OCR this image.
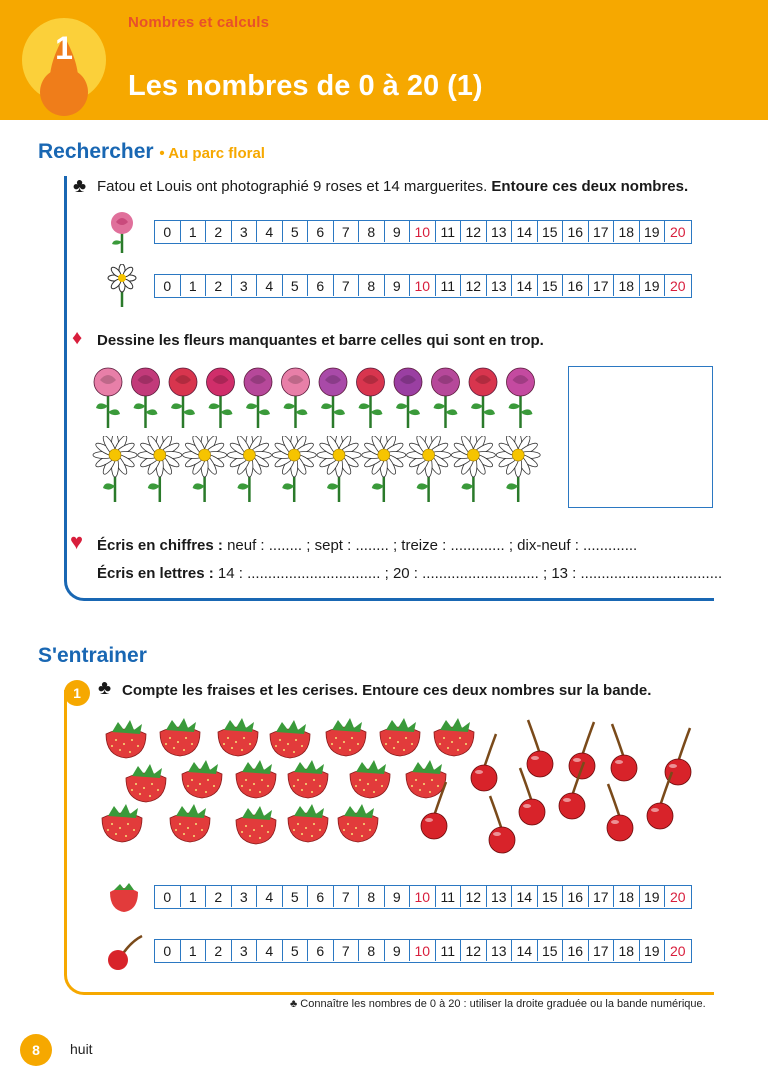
Nombres et calculs
Les nombres de 0 à 20 (1)
1
Rechercher • Au parc floral
♣ Fatou et Louis ont photographié 9 roses et 14 marguerites. Entoure ces deux nombres.
0	1	2	3	4	5	6	7	8	9 10 11 12 13 14 15 16 17 18 19 20
0	1	2	3	4	5	6	7	8	9 10 11 12 13 14 15 16 17 18 19 20
♦ Dessine les fleurs manquantes et barre celles qui sont en trop.
♥ Écris en chiffres : neuf : ........ ; sept : ........ ; treize : ............. ; dix-neuf : .............
Écris en lettres : 14 : ................................ ; 20 : ............................ ; 13 : ..................................
S'entrainer
1 ♣ Compte les fraises et les cerises. Entoure ces deux nombres sur la bande.
0	1	2	3	4	5	6	7	8	9 10 11 12 13 14 15 16 17 18 19 20
0	1	2	3	4	5	6	7	8	9 10 11 12 13 14 15 16 17 18 19 20
♣ Connaître les nombres de 0 à 20 : utiliser la droite graduée ou la bande numérique.
8	huit
